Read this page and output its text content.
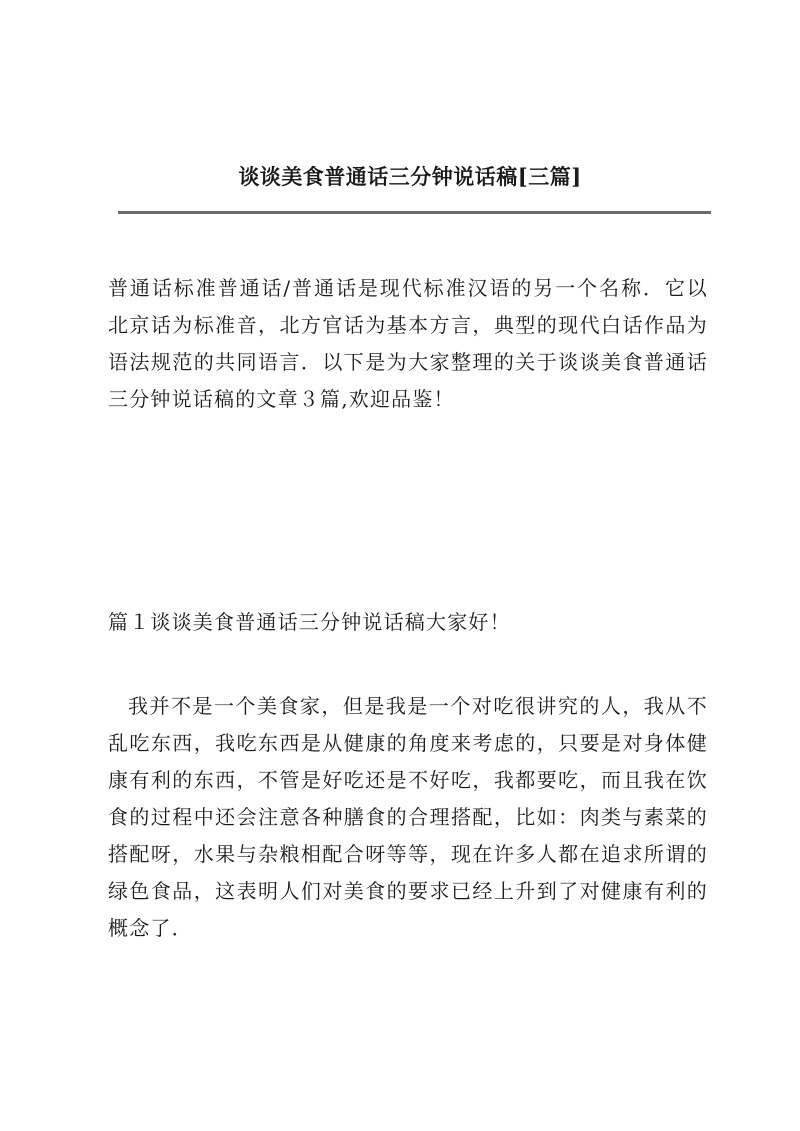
谈谈美食普通话三分钟说话稿[三篇]
普通话标准普通话/普通话是现代标准汉语的另一个名称．它以北京话为标准音，北方官话为基本方言，典型的现代白话作品为语法规范的共同语言．以下是为大家整理的关于谈谈美食普通话三分钟说话稿的文章３篇,欢迎品鉴！
篇１谈谈美食普通话三分钟说话稿大家好！
我并不是一个美食家，但是我是一个对吃很讲究的人，我从不乱吃东西，我吃东西是从健康的角度来考虑的，只要是对身体健康有利的东西，不管是好吃还是不好吃，我都要吃，而且我在饮食的过程中还会注意各种膳食的合理搭配，比如：肉类与素菜的搭配呀，水果与杂粮相配合呀等等，现在许多人都在追求所谓的绿色食品，这表明人们对美食的要求已经上升到了对健康有利的概念了．
